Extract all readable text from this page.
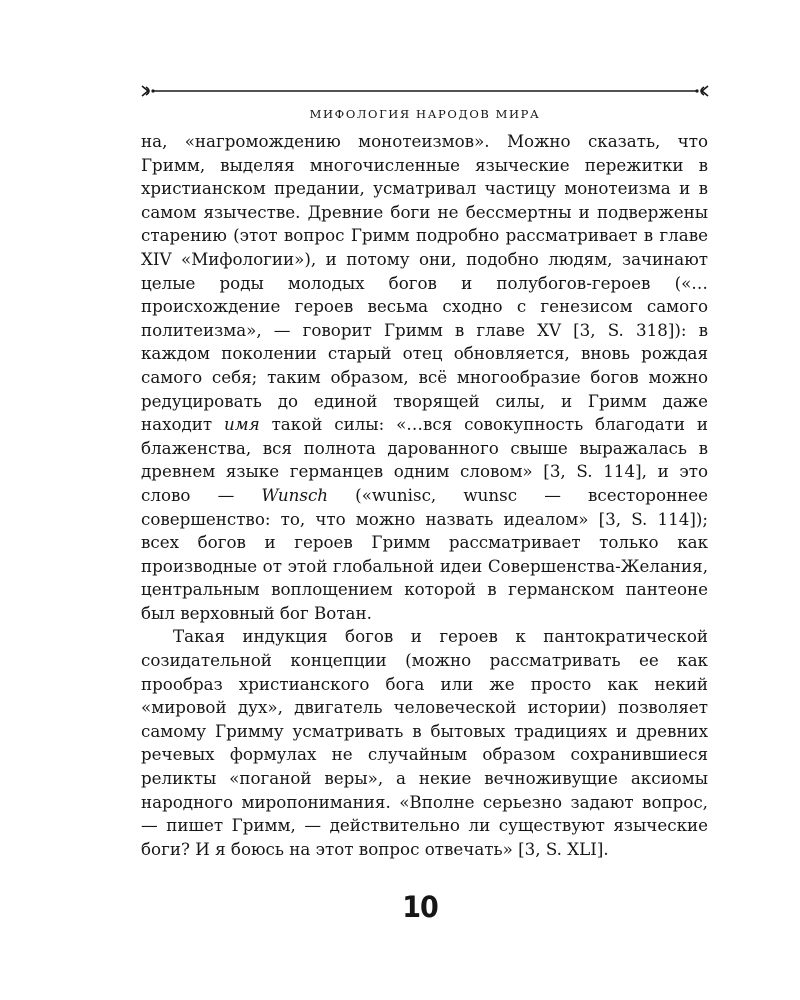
МИФОЛОГИЯ НАРОДОВ МИРА

на, «нагромождению монотеизмов». Можно сказать, что Гримм, выделяя многочисленные языческие пережитки в христианском предании, усматривал частицу монотеизма и в самом язычестве. Древние боги не бессмертны и подвержены старению (этот вопрос Гримм подробно рассматривает в главе XIV «Мифологии»), и потому они, подобно людям, зачинают целые роды молодых богов и полубогов-героев («…происхождение героев весьма сходно с генезисом самого политеизма», — говорит Гримм в главе XV [3, S. 318]): в каждом поколении старый отец обновляется, вновь рождая самого себя; таким образом, всё многообразие богов можно редуцировать до единой творящей силы, и Гримм даже находит имя такой силы: «…вся совокупность благодати и блаженства, вся полнота дарованного свыше выражалась в древнем языке германцев одним словом» [3, S. 114], и это слово — Wunsch («wunisc, wunsc — всестороннее совершенство: то, что можно назвать идеалом» [3, S. 114]); всех богов и героев Гримм рассматривает только как производные от этой глобальной идеи Совершенства-Желания, центральным воплощением которой в германском пантеоне был верховный бог Вотан.

Такая индукция богов и героев к пантократической созидательной концепции (можно рассматривать ее как прообраз христианского бога или же просто как некий «мировой дух», двигатель человеческой истории) позволяет самому Гримму усматривать в бытовых традициях и древних речевых формулах не случайным образом сохранившиеся реликты «поганой веры», а некие вечноживущие аксиомы народного миропонимания. «Вполне серьезно задают вопрос, — пишет Гримм, — действительно ли существуют языческие боги? И я боюсь на этот вопрос отвечать» [3, S. XLI].

10
